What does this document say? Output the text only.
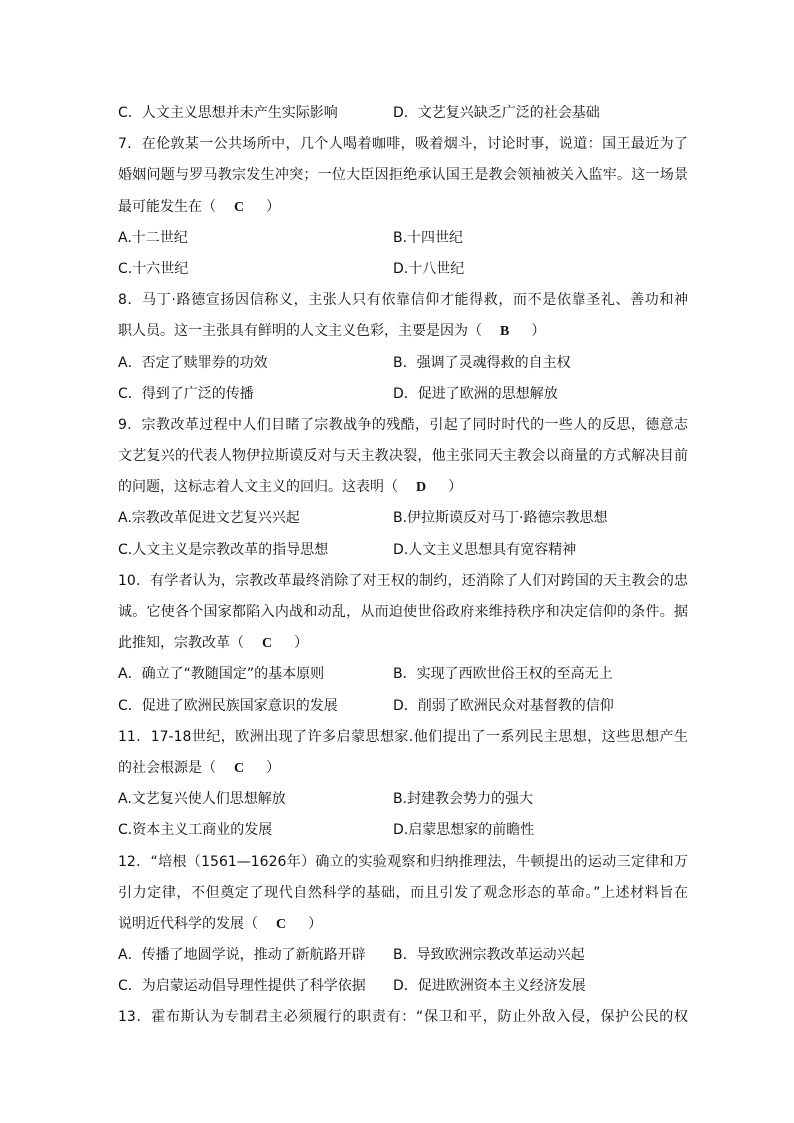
C．人文主义思想并未产生实际影响	D．文艺复兴缺乏广泛的社会基础
7．在伦敦某一公共场所中，几个人喝着咖啡，吸着烟斗，讨论时事，说道：国王最近为了
婚姻问题与罗马教宗发生冲突；一位大臣因拒绝承认国王是教会领袖被关入监牢。这一场景
最可能发生在（ C ）
A.十二世纪	B.十四世纪
C.十六世纪	D.十八世纪
8．马丁·路德宣扬因信称义，主张人只有依靠信仰才能得救，而不是依靠圣礼、善功和神
职人员。这一主张具有鲜明的人文主义色彩，主要是因为（ B ）
A．否定了赎罪券的功效	B．强调了灵魂得救的自主权
C．得到了广泛的传播	D．促进了欧洲的思想解放
9．宗教改革过程中人们目睹了宗教战争的残酷，引起了同时时代的一些人的反思，德意志
文艺复兴的代表人物伊拉斯谟反对与天主教决裂，他主张同天主教会以商量的方式解决目前
的问题，这标志着人文主义的回归。这表明（ D ）
A.宗教改革促进文艺复兴兴起	B.伊拉斯谟反对马丁·路德宗教思想
C.人文主义是宗教改革的指导思想	D.人文主义思想具有宽容精神
10．有学者认为，宗教改革最终消除了对王权的制约，还消除了人们对跨国的天主教会的忠
诚。它使各个国家都陷入内战和动乱，从而迫使世俗政府来维持秩序和决定信仰的条件。据
此推知，宗教改革（ C ）
A．确立了“教随国定”的基本原则	B．实现了西欧世俗王权的至高无上
C．促进了欧洲民族国家意识的发展	D．削弱了欧洲民众对基督教的信仰
11．17-18世纪，欧洲出现了许多启蒙思想家.他们提出了一系列民主思想，这些思想产生
的社会根源是（ C ）
A.文艺复兴使人们思想解放	B.封建教会势力的强大
C.资本主义工商业的发展	D.启蒙思想家的前瞻性
12．“培根（1561—1626年）确立的实验观察和归纳推理法，牛顿提出的运动三定律和万
引力定律，不但奠定了现代自然科学的基础，而且引发了观念形态的革命。”上述材料旨在
说明近代科学的发展（ C ）
A．传播了地圆学说，推动了新航路开辟 B．导致欧洲宗教改革运动兴起
C．为启蒙运动倡导理性提供了科学依据 D．促进欧洲资本主义经济发展
13．霍布斯认为专制君主必须履行的职责有：“保卫和平，防止外敌入侵，保护公民的权
